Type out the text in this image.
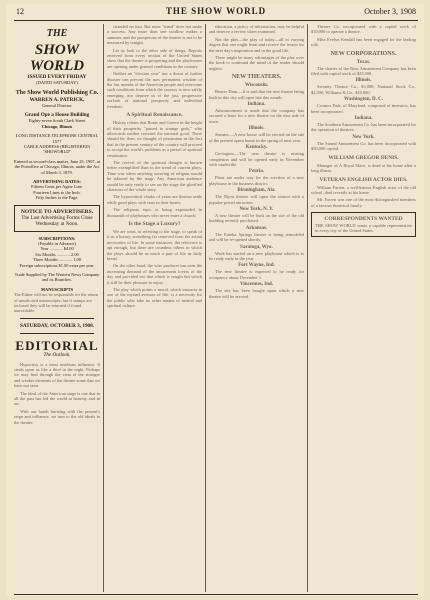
12	THE SHOW WORLD	October 3, 1908
THE
SHOW WORLD
ISSUED EVERY FRIDAY
(DATED SATURDAY)
The Show World Publishing Co.
WARREN A. PATRICK,
General Director
Grand Ope a House Building
Eighty-seven South Clark Street
Chicago, Illinois
LONG DISTANCE TELEPHONE CENTRAL 1577
CABLE ADDRESS (REGISTERED) "SHOWORLD"
Entered as second-class matter, June 25, 1907, at the Postoffice at Chicago, Illinois, under the Act of March 3, 1879.
ADVERTISING RATES:
Fifteen Cents per Agate Line.
Fourteen Lines to the Inch.
Fifty Inches to the Page.
NOTICE TO ADVERTISERS.
The Last Advertising Forms Close
Wednesday at Noon.
SUBSCRIPTIONS:
(Payable in Advance)
Year ............ $4.00
Six Months ............ 2.00
Three Months ............ 1.00
Foreign subscriptions $1.00 extra per year.
Trade Supplied by The Western News Company and its Branches.
MANUSCRIPTS
The Editor will not be responsible for the return of unsolicited manuscripts; but if stamps are inclosed they will be returned if found unavailable.
SATURDAY, OCTOBER 3, 1908.
EDITORIAL
The Outlook.

Hypocrisy is a most insidious influence. It steals upon us like a thief in the night. Perhaps we may find through the vista of the stronger and weaker elements of the theatre some that we have not seen.

The ideal of the American stage is one that in all the past has led the world in honesty and in art.

With our hands bursting with the present's reign and influence, we turn to the old ideals in the theatre.

stranded on tour. But none "stand" does not make a success. Any more than one swallow makes a summer, and the prosperous of the theatre is not to be measured by tonight.

Let us look to the other side of things. Reports received from every section of the United States show that the theatre is prospering and the playhouses are opening under general conditions in the country.

Neither an "election year" nor a threat of further disaster can prevent the now permanent wisdom of the last months of the American people and overcome such conditions from which the country is now safely emerging, nor deprive us of the just, progressive outlook of national prosperity and individual freedom.

A Spiritual Renaissance.

History relates that Rome and Greece in the height of their prosperity "passed to strange gods," who afterwards neither restored the national good. There should be, then, no thought of pessimism in the fact that in the present century of the country will proceed to accept the world's problems as a period of spiritual renaissance.

The revival of the spiritual thought is known better exemplified than in the trend of current plays. Time was when anything savoring of religion would be tabooed by the stage. Any American audience would be only ready to see on the stage the glorified character of the whole story.

The hypocritical cloaks of years are thrown aside while good plays with stars in their hearts.

The religious topic is being expounded in thousands of playhouses who never enter a church.

Is the Stage a Luxury?

We are wont, in referring to the stage, to speak of it as a luxury, something far removed from the actual necessities of life. In some instances, the reference is apt enough; but there are countless others in which the plays should be as much a part of life as daily bread.

On the other hand, the wise producer has seen the increasing demand of the amusement lovers of the day and provided not that which is sought but which it will be their pleasure to enjoy.

The play which points a moral, which instructs in one of the myriad avenues of life, is a necessity for the public who take no other means of mental and spiritual culture.

education, a policy of information, may be helpful and deserve a review when examined.

Not the play—the play of today—all in varying degree that one might learn and receive the lesson for the next day's inspiration and in the good life.

There might be many advantages of the play over the book to confound the mind of the reader should neglect.

NEW THEATERS.
Wisconsin.

Beaver Dam.—It is said that the new theatre being built in this city will open late this month.

Indiana.

Announcement is made that the company has secured a lease for a new theatre on the east side of town.

Illinois.

Streator.—A new house will be erected on the site of the present opera house in the spring of next year.

Kentucky.

Covington.—The new theatre is nearing completion and will be opened early in November with vaudeville.

Peoria.

Plans are under way for the erection of a new playhouse in the business district.

Birmingham, Ala.

The Bijou theatre will open the season with a popular-priced attraction.

New York, N. Y.

A new theatre will be built on the site of the old building recently purchased.

Arkansas.

The Eureka Springs theatre is being remodeled and will be re-opened shortly.

Saratoga, Wyo.

Work has started on a new playhouse which is to be ready early in the year.

Fort Wayne, Ind.

The new theatre is expected to be ready for occupancy about December 1.

Vincennes, Ind.

The site has been bought upon which a new theatre will be erected.

Theatre Co. incorporated with a capital stock of $10,000 to operate a theatre.

Miss Evelyn Kendall has been engaged for the leading role.

NEW CORPORATIONS.
Texas.

The charter of the Ross Amusement Company has been filed with capital stock of $25,000.

Illinois.

Security Theatre Co., $5,000; National Stock Co., $2,500; Williams & Co., $10,000.

Washington, D. C.

Cosmos Park, of Maryland, composed of investors, has been incorporated.

Indiana.

The Southern Amusement Co. has been incorporated for the operation of theatres.

New York.

The Strand Amusement Co. has been incorporated with $50,000 capital.

WILLIAM GREGOR DENIS.

Manager of A Royal Slave, is dead at his home after a long illness.

VETERAN ENGLISH ACTOR DIES.

William Farren, a well-known English actor of the old school, died recently at his home.

Mr. Farren was one of the most distinguished members of a famous theatrical family.

CORRESPONDENTS WANTED
THE SHOW WORLD wants a capable representative in every city of the United States.
